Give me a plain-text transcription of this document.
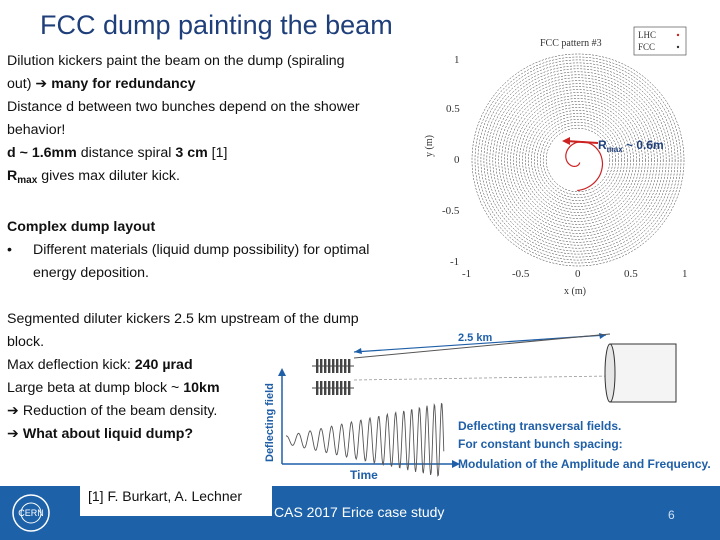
FCC dump painting the beam
Dilution kickers paint the beam on the dump (spiraling
out) ➔ many for redundancy
Distance d between two bunches depend on the shower
behavior!
d ~ 1.6mm distance spiral 3 cm [1]
$R_{max}$ gives max diluter kick.
Complex dump layout
•	Different materials (liquid dump possibility) for optimal
energy deposition.
Segmented diluter kickers 2.5 km upstream of the dump
block.
Max deflection kick: 240 µrad
Large beta at dump block ~ 10km
➔ Reduction of the beam density.
➔ What about liquid dump?
FCC pattern #3
LHC
FCC
$R_{max}$ ~ 0.6m
y (m)
x (m)
1
0.5
0
-0.5
-1
-1	-0.5	0	0.5	1
2.5 km
Deflecting field
Time
Deflecting transversal fields.
For constant bunch spacing:
Modulation of the Amplitude and Frequency.
[1] F. Burkart, A. Lechner
CERN	CAS 2017 Erice case study	6
